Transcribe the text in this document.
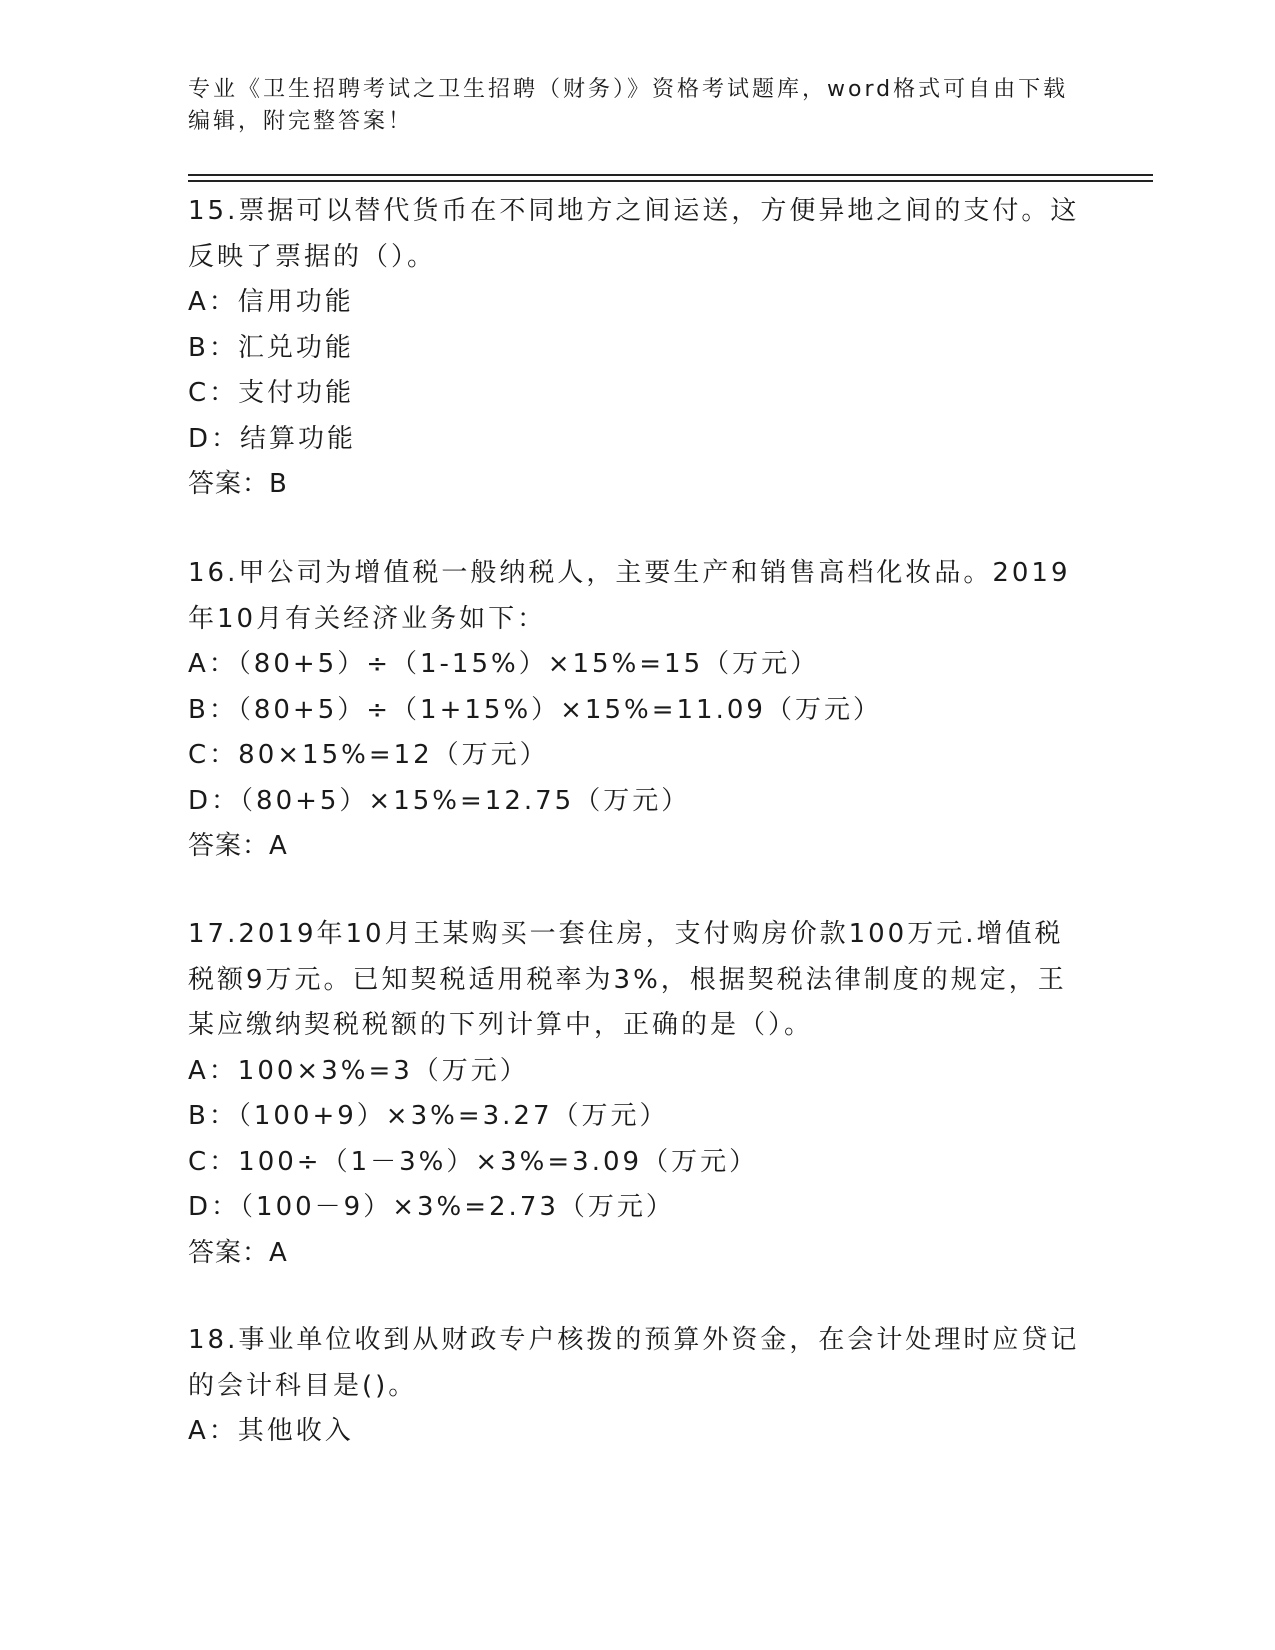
专业《卫生招聘考试之卫生招聘（财务）》资格考试题库，word格式可自由下载编辑，附完整答案！
15.票据可以替代货币在不同地方之间运送，方便异地之间的支付。这反映了票据的（）。
A：信用功能
B：汇兑功能
C：支付功能
D：结算功能
答案：B
16.甲公司为增值税一般纳税人，主要生产和销售高档化妆品。2019年10月有关经济业务如下：
A：（80+5）÷（1-15%）×15%=15（万元）
B：（80+5）÷（1+15%）×15%=11.09（万元）
C：80×15%=12（万元）
D：（80+5）×15%=12.75（万元）
答案：A
17.2019年10月王某购买一套住房，支付购房价款100万元.增值税税额9万元。已知契税适用税率为3%，根据契税法律制度的规定，王某应缴纳契税税额的下列计算中，正确的是（）。
A：100×3%=3（万元）
B：（100+9）×3%=3.27（万元）
C：100÷（1－3%）×3%=3.09（万元）
D：（100－9）×3%=2.73（万元）
答案：A
18.事业单位收到从财政专户核拨的预算外资金，在会计处理时应贷记的会计科目是()。
A：其他收入
